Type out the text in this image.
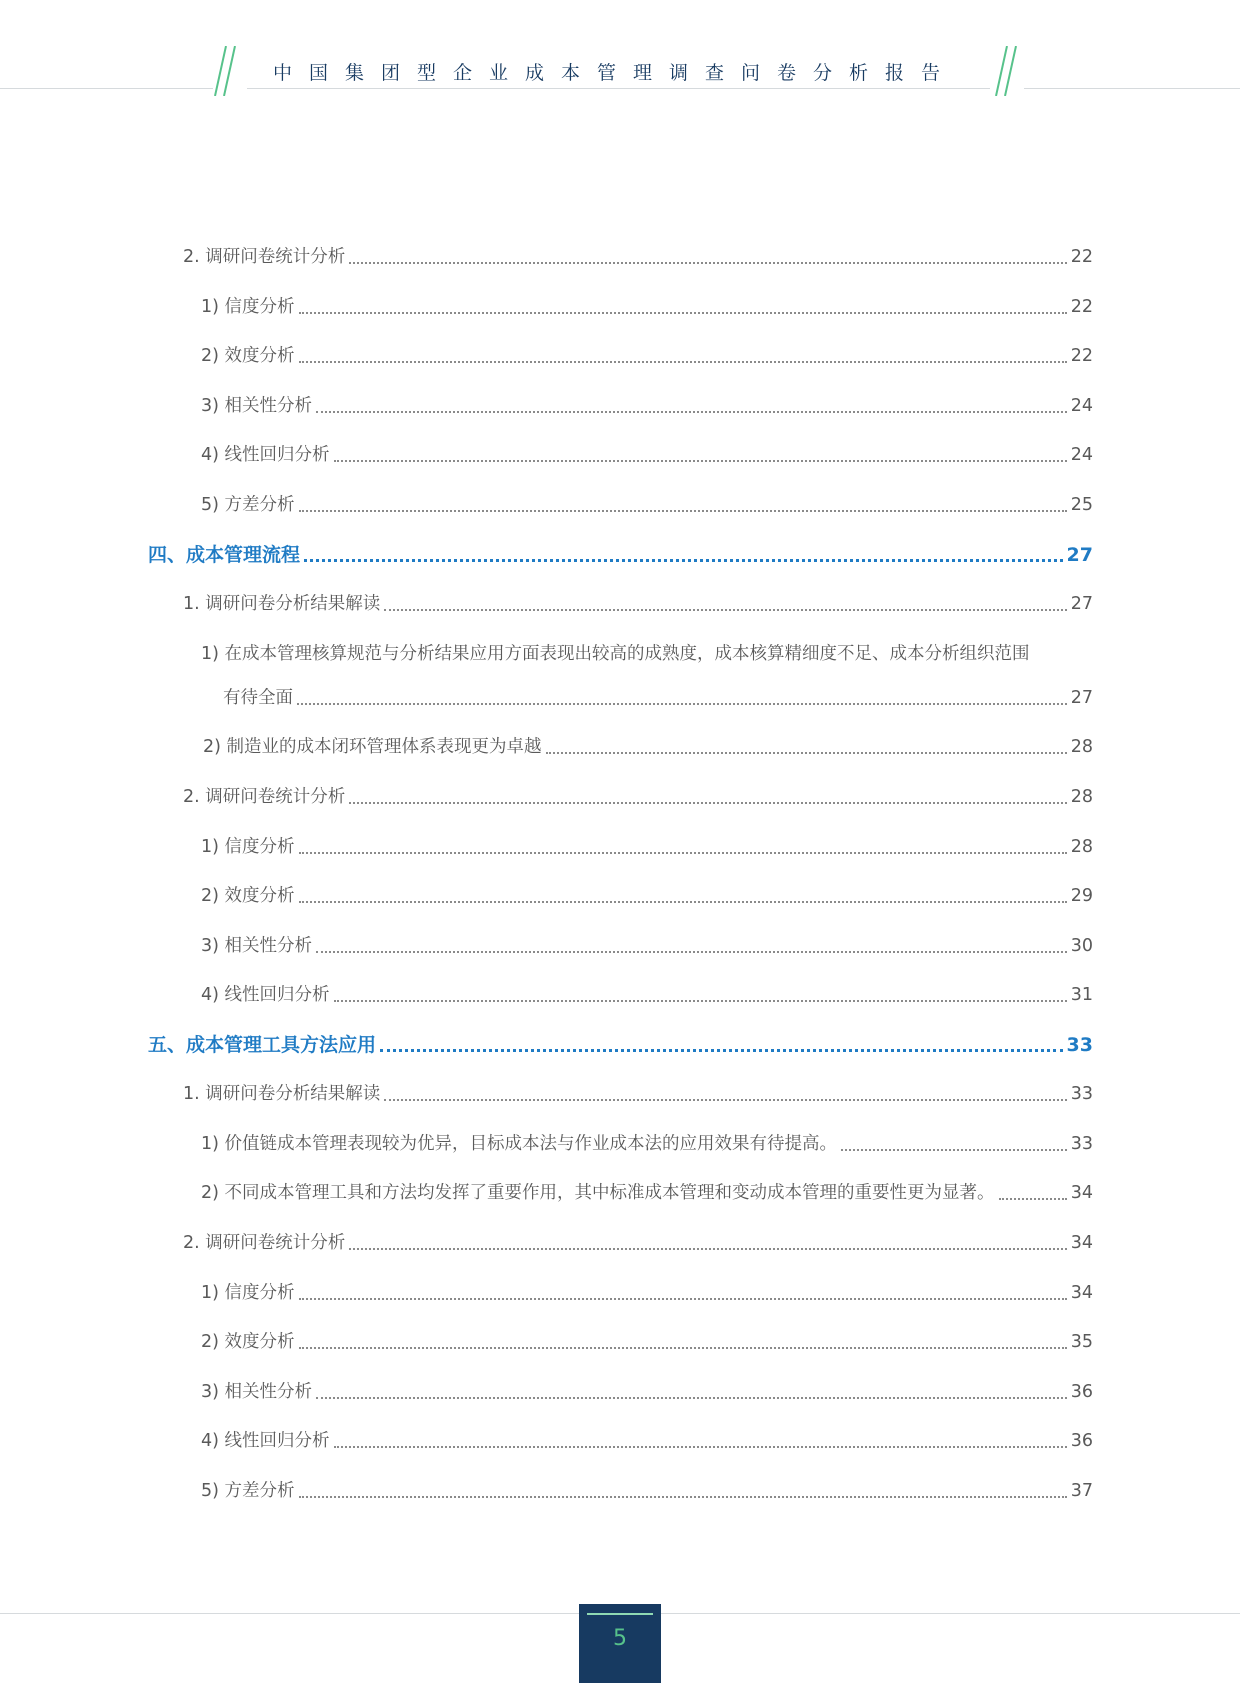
中国集团型企业成本管理调查问卷分析报告
2. 调研问卷统计分析	22
1) 信度分析	22
2) 效度分析	22
3) 相关性分析	24
4) 线性回归分析	24
5) 方差分析	25
四、成本管理流程	27
1. 调研问卷分析结果解读	27
1) 在成本管理核算规范与分析结果应用方面表现出较高的成熟度，成本核算精细度不足、成本分析组织范围
有待全面	27
2) 制造业的成本闭环管理体系表现更为卓越	28
2. 调研问卷统计分析	28
1) 信度分析	28
2) 效度分析	29
3) 相关性分析	30
4) 线性回归分析	31
五、成本管理工具方法应用	33
1. 调研问卷分析结果解读	33
1) 价值链成本管理表现较为优异，目标成本法与作业成本法的应用效果有待提高。	33
2) 不同成本管理工具和方法均发挥了重要作用，其中标准成本管理和变动成本管理的重要性更为显著。	34
2. 调研问卷统计分析	34
1) 信度分析	34
2) 效度分析	35
3) 相关性分析	36
4) 线性回归分析	36
5) 方差分析	37
5
